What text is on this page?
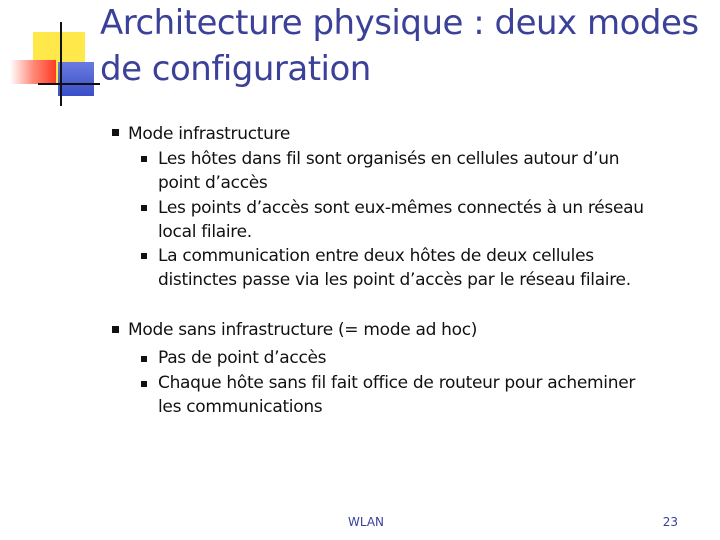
Architecture physique : deux modes
de configuration
Mode infrastructure
Les hôtes dans fil sont organisés en cellules autour d’un
point d’accès
Les points d’accès sont eux-mêmes connectés à un réseau
local filaire.
La communication entre deux hôtes de deux cellules
distinctes passe via les point d’accès par le réseau filaire.
Mode sans infrastructure (= mode ad hoc)
Pas de point d’accès
Chaque hôte sans fil fait office de routeur pour acheminer
les communications
WLAN	23
